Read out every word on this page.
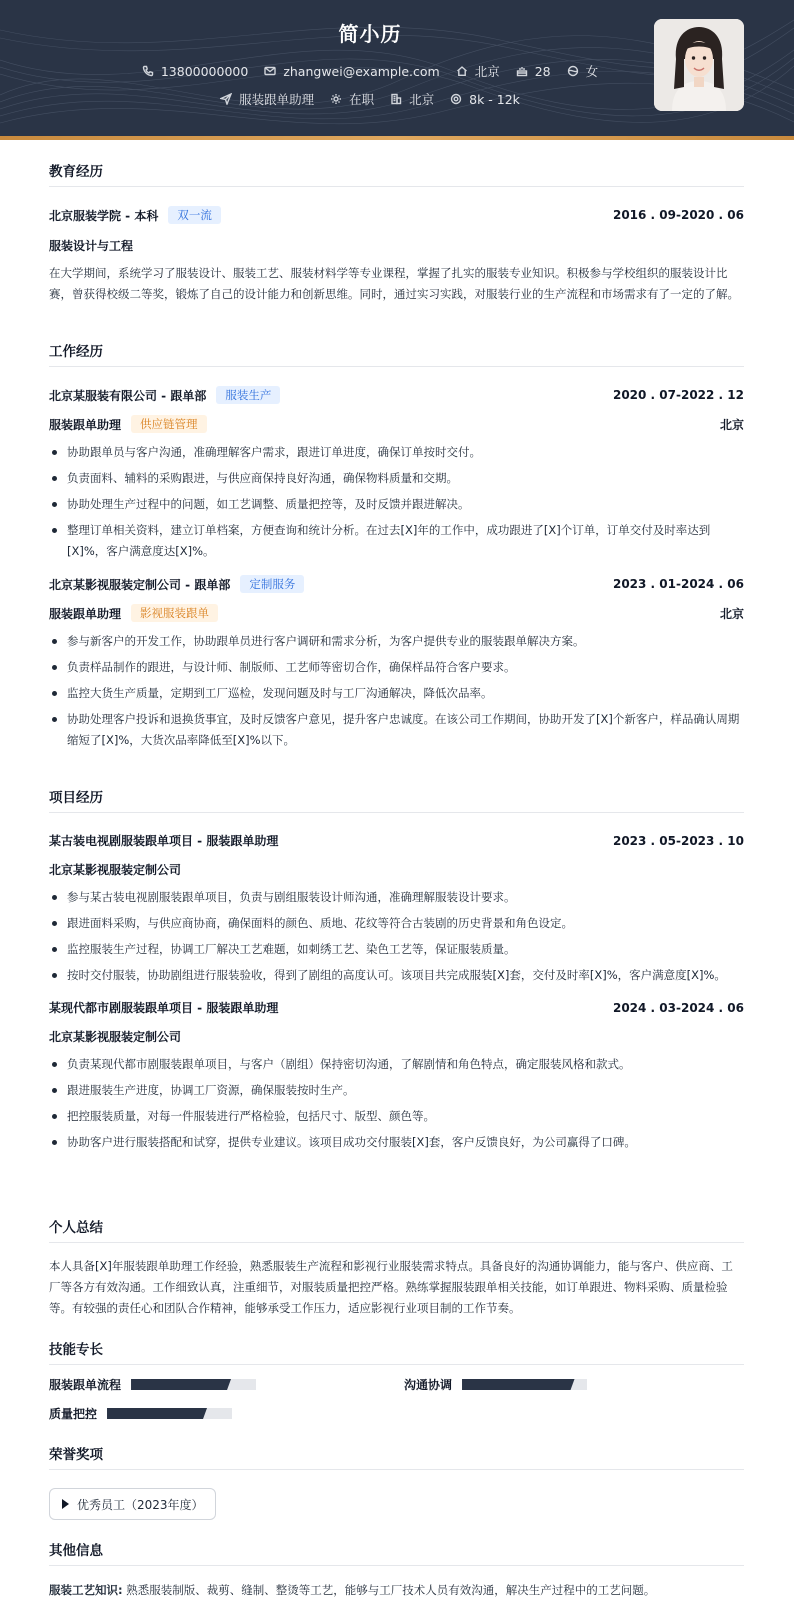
简小历
13800000000	zhangwei@example.com	北京	28	女
服装跟单助理	在职	北京	8k - 12k
教育经历
北京服装学院 - 本科	双一流	2016 . 09-2020 . 06
服装设计与工程
在大学期间，系统学习了服装设计、服装工艺、服装材料学等专业课程，掌握了扎实的服装专业知识。积极参与学校组织的服装设计比赛，曾获得校级二等奖，锻炼了自己的设计能力和创新思维。同时，通过实习实践，对服装行业的生产流程和市场需求有了一定的了解。
工作经历
北京某服装有限公司 - 跟单部	服装生产	2020 . 07-2022 . 12
服装跟单助理	供应链管理	北京
协助跟单员与客户沟通，准确理解客户需求，跟进订单进度，确保订单按时交付。
负责面料、辅料的采购跟进，与供应商保持良好沟通，确保物料质量和交期。
协助处理生产过程中的问题，如工艺调整、质量把控等，及时反馈并跟进解决。
整理订单相关资料，建立订单档案，方便查询和统计分析。在过去[X]年的工作中，成功跟进了[X]个订单，订单交付及时率达到[X]%，客户满意度达[X]%。
北京某影视服装定制公司 - 跟单部	定制服务	2023 . 01-2024 . 06
服装跟单助理	影视服装跟单	北京
参与新客户的开发工作，协助跟单员进行客户调研和需求分析，为客户提供专业的服装跟单解决方案。
负责样品制作的跟进，与设计师、制版师、工艺师等密切合作，确保样品符合客户要求。
监控大货生产质量，定期到工厂巡检，发现问题及时与工厂沟通解决，降低次品率。
协助处理客户投诉和退换货事宜，及时反馈客户意见，提升客户忠诚度。在该公司工作期间，协助开发了[X]个新客户，样品确认周期缩短了[X]%，大货次品率降低至[X]%以下。
项目经历
某古装电视剧服装跟单项目 - 服装跟单助理	2023 . 05-2023 . 10
北京某影视服装定制公司
参与某古装电视剧服装跟单项目，负责与剧组服装设计师沟通，准确理解服装设计要求。
跟进面料采购，与供应商协商，确保面料的颜色、质地、花纹等符合古装剧的历史背景和角色设定。
监控服装生产过程，协调工厂解决工艺难题，如刺绣工艺、染色工艺等，保证服装质量。
按时交付服装，协助剧组进行服装验收，得到了剧组的高度认可。该项目共完成服装[X]套，交付及时率[X]%，客户满意度[X]%。
某现代都市剧服装跟单项目 - 服装跟单助理	2024 . 03-2024 . 06
北京某影视服装定制公司
负责某现代都市剧服装跟单项目，与客户（剧组）保持密切沟通，了解剧情和角色特点，确定服装风格和款式。
跟进服装生产进度，协调工厂资源，确保服装按时生产。
把控服装质量，对每一件服装进行严格检验，包括尺寸、版型、颜色等。
协助客户进行服装搭配和试穿，提供专业建议。该项目成功交付服装[X]套，客户反馈良好，为公司赢得了口碑。
个人总结
本人具备[X]年服装跟单助理工作经验，熟悉服装生产流程和影视行业服装需求特点。具备良好的沟通协调能力，能与客户、供应商、工厂等各方有效沟通。工作细致认真，注重细节，对服装质量把控严格。熟练掌握服装跟单相关技能，如订单跟进、物料采购、质量检验等。有较强的责任心和团队合作精神，能够承受工作压力，适应影视行业项目制的工作节奏。
技能专长
服装跟单流程	沟通协调
质量把控
荣誉奖项
优秀员工（2023年度）
其他信息
服装工艺知识: 熟悉服装制版、裁剪、缝制、整烫等工艺，能够与工厂技术人员有效沟通，解决生产过程中的工艺问题。
